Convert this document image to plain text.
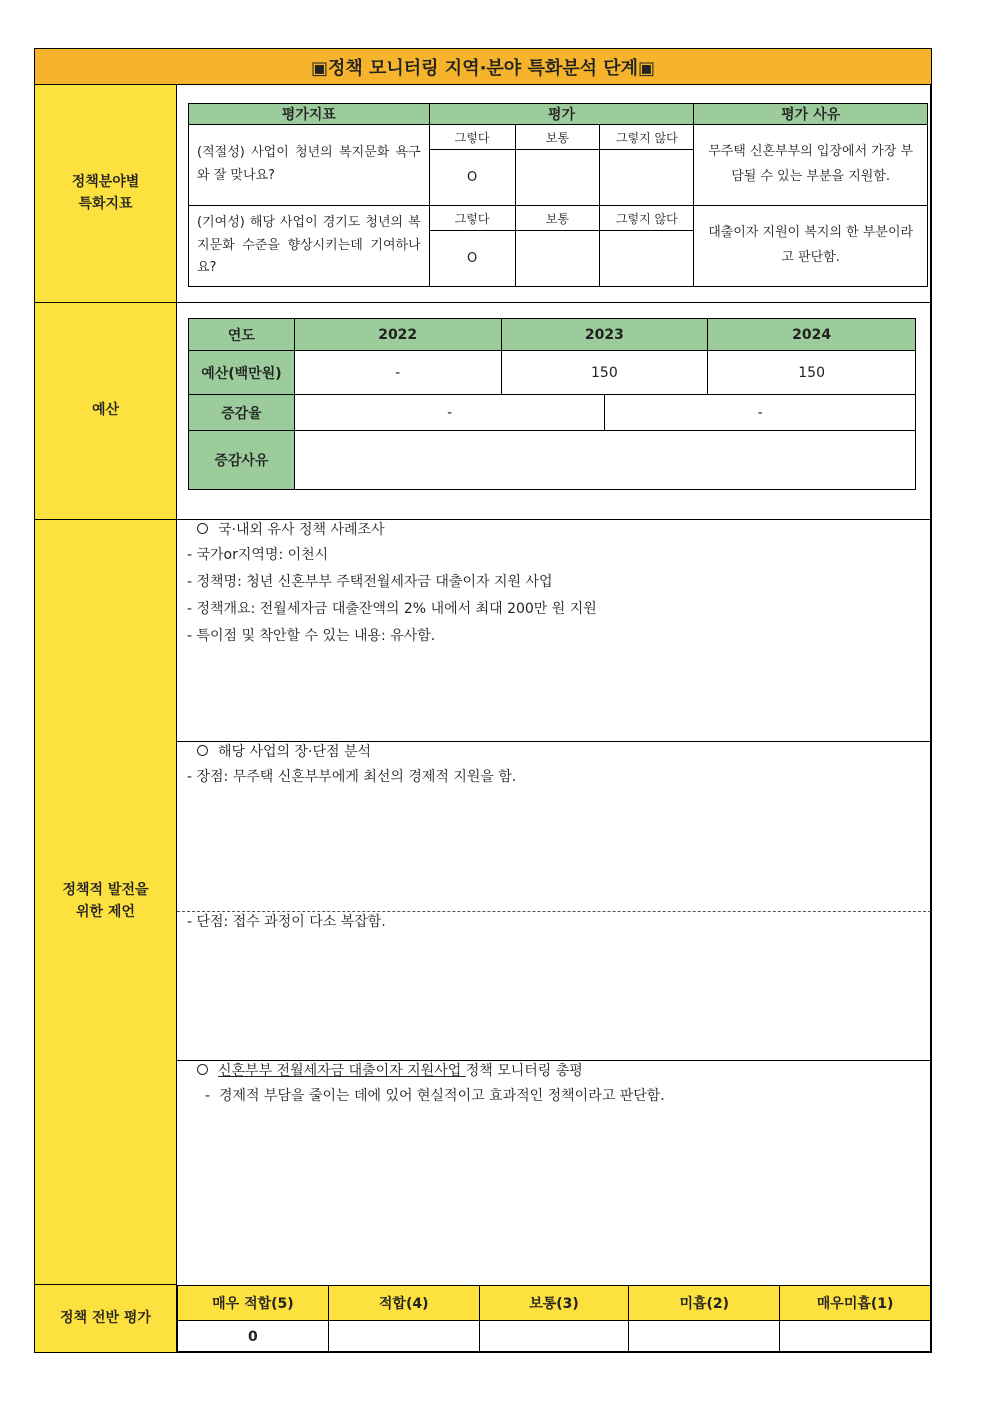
▣정책 모니터링 지역·분야 특화분석 단계▣
정책분야별
특화지표
예산
정책적 발전을
위한 제언
정책 전반 평가
평가지표	평가			평가 사유
(적절성) 사업이 청년의 복지문화 욕구와 잘 맞나요?	그렇다	보통	그렇지 않다	무주택 신혼부부의 입장에서 가장 부담될 수 있는 부분을 지원함.
	O			
(기여성) 해당 사업이 경기도 청년의 복지문화 수준을 향상시키는데 기여하나요?	그렇다	보통	그렇지 않다	대출이자 지원이 복지의 한 부분이라고 판단함.
	O			
연도	2022	2023		2024
예산(백만원)	-	150		150
증감율	-		-	
증감사유				
국·내외 유사 정책 사례조사
- 국가or지역명: 이천시
- 정책명: 청년 신혼부부 주택전월세자금 대출이자 지원 사업
- 정책개요: 전월세자금 대출잔액의 2% 내에서 최대 200만 원 지원
- 특이점 및 착안할 수 있는 내용: 유사함.
해당 사업의 장·단점 분석
- 장점: 무주택 신혼부부에게 최선의 경제적 지원을 함.
- 단점: 접수 과정이 다소 복잡함.
신혼부부 전월세자금 대출이자 지원사업 정책 모니터링 총평
-  경제적 부담을 줄이는 데에 있어 현실적이고 효과적인 정책이라고 판단함.
매우 적합(5)	적합(4)	보통(3)	미흡(2)	매우미흡(1)
0				
